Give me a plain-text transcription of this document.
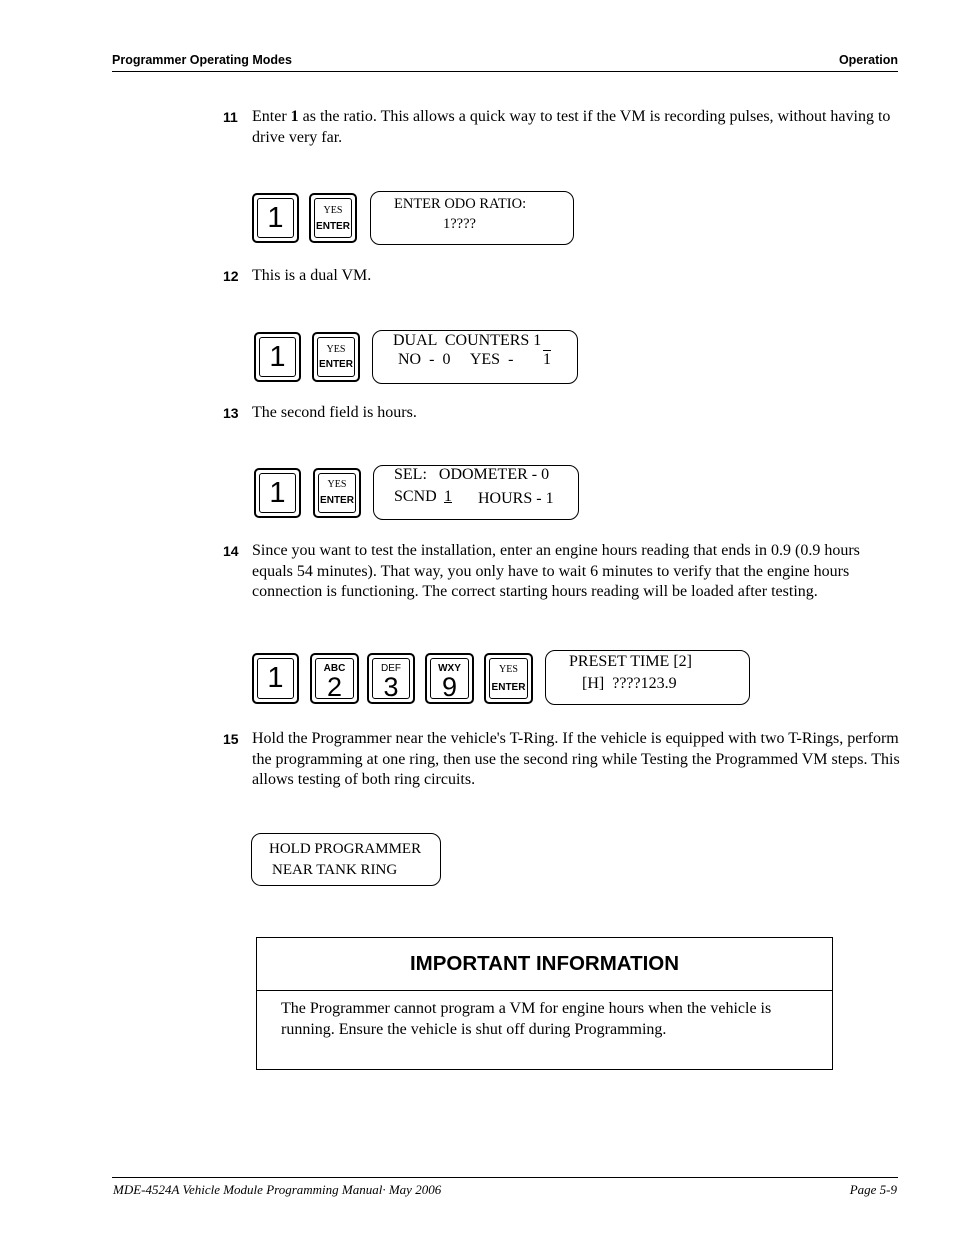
Programmer Operating Modes	Operation
11 Enter 1 as the ratio. This allows a quick way to test if the VM is recording pulses, without having to drive very far.
1	YES
ENTER
ENTER ODO RATIO:
1????
12 This is a dual VM.
1	YES
ENTER
DUAL  COUNTERS 1
NO  -  0     YES  - 1
13 The second field is hours.
1	YES
ENTER
SEL:   ODOMETER - 0
SCND 1 HOURS - 1
14 Since you want to test the installation, enter an engine hours reading that ends in 0.9 (0.9 hours equals 54 minutes). That way, you only have to wait 6 minutes to verify that the engine hours connection is functioning. The correct starting hours reading will be loaded after testing.
1	ABC
2
DEF
3
WXY
9
YES
ENTER
PRESET TIME [2]
[H]  ????123.9
15 Hold the Programmer near the vehicle's T-Ring. If the vehicle is equipped with two T-Rings, perform the programming at one ring, then use the second ring while Testing the Programmed VM steps. This allows testing of both ring circuits.
HOLD PROGRAMMER
NEAR TANK RING
IMPORTANT INFORMATION
The Programmer cannot program a VM for engine hours when the vehicle is running. Ensure the vehicle is shut off during Programming.
MDE-4524A Vehicle Module Programming Manual· May 2006	Page 5-9
